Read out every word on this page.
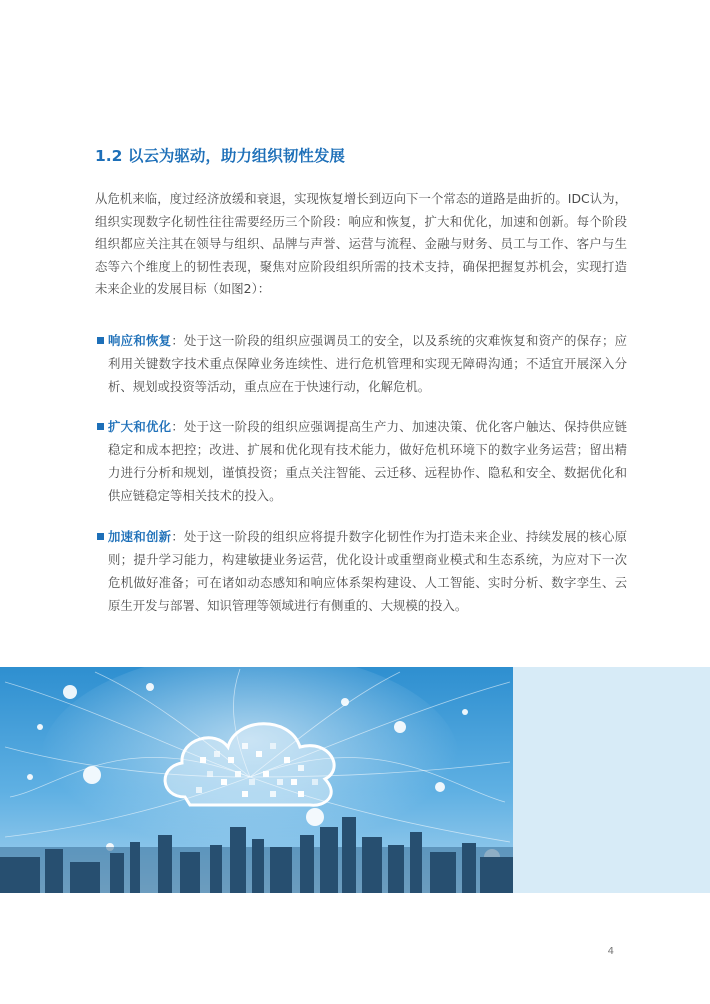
1.2 以云为驱动，助力组织韧性发展

从危机来临，度过经济放缓和衰退，实现恢复增长到迈向下一个常态的道路是曲折的。IDC认为，组织实现数字化韧性往往需要经历三个阶段：响应和恢复，扩大和优化，加速和创新。每个阶段组织都应关注其在领导与组织、品牌与声誉、运营与流程、金融与财务、员工与工作、客户与生态等六个维度上的韧性表现，聚焦对应阶段组织所需的技术支持，确保把握复苏机会，实现打造未来企业的发展目标（如图2）：

响应和恢复：处于这一阶段的组织应强调员工的安全，以及系统的灾难恢复和资产的保存；应利用关键数字技术重点保障业务连续性、进行危机管理和实现无障碍沟通；不适宜开展深入分析、规划或投资等活动，重点应在于快速行动，化解危机。

扩大和优化：处于这一阶段的组织应强调提高生产力、加速决策、优化客户触达、保持供应链稳定和成本把控；改进、扩展和优化现有技术能力，做好危机环境下的数字业务运营；留出精力进行分析和规划，谨慎投资；重点关注智能、云迁移、远程协作、隐私和安全、数据优化和供应链稳定等相关技术的投入。

加速和创新：处于这一阶段的组织应将提升数字化韧性作为打造未来企业、持续发展的核心原则；提升学习能力，构建敏捷业务运营，优化设计或重塑商业模式和生态系统，为应对下一次危机做好准备；可在诸如动态感知和响应体系架构建设、人工智能、实时分析、数字孪生、云原生开发与部署、知识管理等领域进行有侧重的、大规模的投入。

4
